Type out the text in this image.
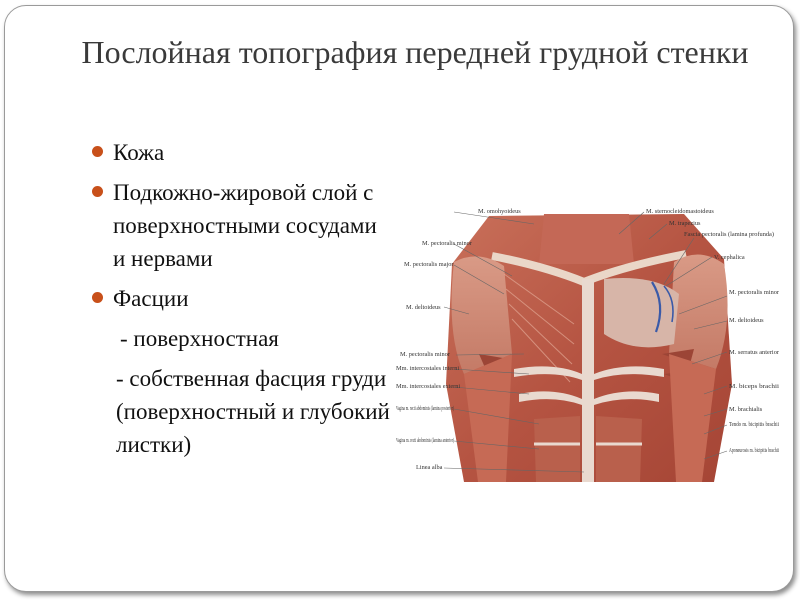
Послойная топография передней грудной стенки
Кожа
Подкожно-жировой слой с поверхностными сосудами и нервами
Фасции
- поверхностная
- собственная фасция груди (поверхностный и глубокий листки)
M. omohyoideus
M. pectoralis minor
M. pectoralis major
M. deltoideus
M. pectoralis minor
Mm. intercostales interni
Mm. intercostales externi
Vagina m. recti abdominis (lamina posterior)
Vagina m. recti abdominis (lamina anterior)
Linea alba
M. sternocleidomastoideus
M. trapezius
Fascia pectoralis (lamina profunda)
V. cephalica
M. pectoralis minor
M. deltoideus
M. serratus anterior
M. biceps brachii
M. brachialis
Tendo m. bicipitis brachii
Aponeurosis m. bicipitis brachii
